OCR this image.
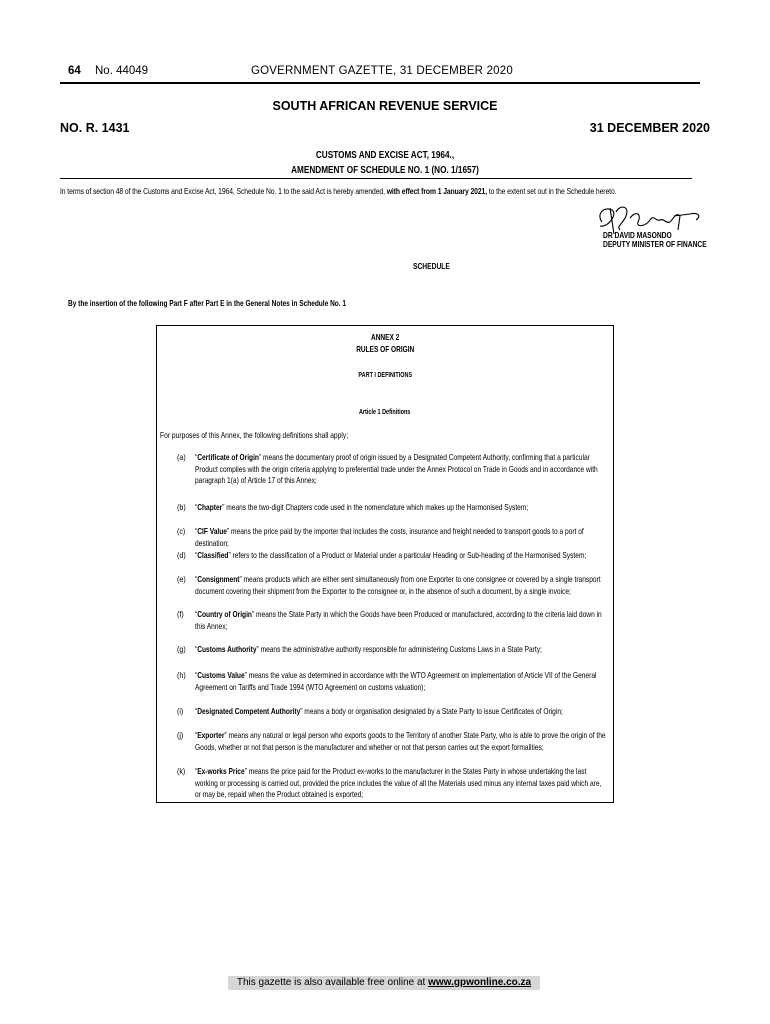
64 No. 44049	GOVERNMENT GAZETTE, 31 DECEMBER 2020
SOUTH AFRICAN REVENUE SERVICE
NO. R. 1431	31 DECEMBER 2020
CUSTOMS AND EXCISE ACT, 1964.,
AMENDMENT OF SCHEDULE NO. 1 (NO. 1/1657)
In terms of section 48 of the Customs and Excise Act, 1964, Schedule No. 1 to the said Act is hereby amended, with effect from 1 January 2021, to the extent set out in the Schedule hereto.
DR DAVID MASONDO
DEPUTY MINISTER OF FINANCE
SCHEDULE
By the insertion of the following Part F after Part E in the General Notes in Schedule No. 1
ANNEX 2
RULES OF ORIGIN
PART I DEFINITIONS
Article 1 Definitions
For purposes of this Annex, the following definitions shall apply;
(a) “Certificate of Origin” means the documentary proof of origin issued by a Designated Competent Authority, confirming that a particular Product complies with the origin criteria applying to preferential trade under the Annex Protocol on Trade in Goods and in accordance with paragraph 1(a) of Article 17 of this Annex;
(b) “Chapter” means the two-digit Chapters code used in the nomenclature which makes up the Harmonised System;
(c) “CIF Value” means the price paid by the importer that includes the costs, insurance and freight needed to transport goods to a port of destination;
(d) “Classified” refers to the classification of a Product or Material under a particular Heading or Sub-heading of the Harmonised System;
(e) “Consignment” means products which are either sent simultaneously from one Exporter to one consignee or covered by a single transport document covering their shipment from the Exporter to the consignee or, in the absence of such a document, by a single invoice;
(f) “Country of Origin” means the State Party in which the Goods have been Produced or manufactured, according to the criteria laid down in this Annex;
(g) “Customs Authority” means the administrative authority responsible for administering Customs Laws in a State Party;
(h) “Customs Value” means the value as determined in accordance with the WTO Agreement on implementation of Article VII of the General Agreement on Tariffs and Trade 1994 (WTO Agreement on customs valuation);
(i) “Designated Competent Authority” means a body or organisation designated by a State Party to issue Certificates of Origin;
(j) “Exporter” means any natural or legal person who exports goods to the Territory of another State Party, who is able to prove the origin of the Goods, whether or not that person is the manufacturer and whether or not that person carries out the export formalities;
(k) “Ex-works Price” means the price paid for the Product ex-works to the manufacturer in the States Party in whose undertaking the last working or processing is carried out, provided the price includes the value of all the Materials used minus any internal taxes paid which are, or may be, repaid when the Product obtained is exported;
This gazette is also available free online at www.gpwonline.co.za
